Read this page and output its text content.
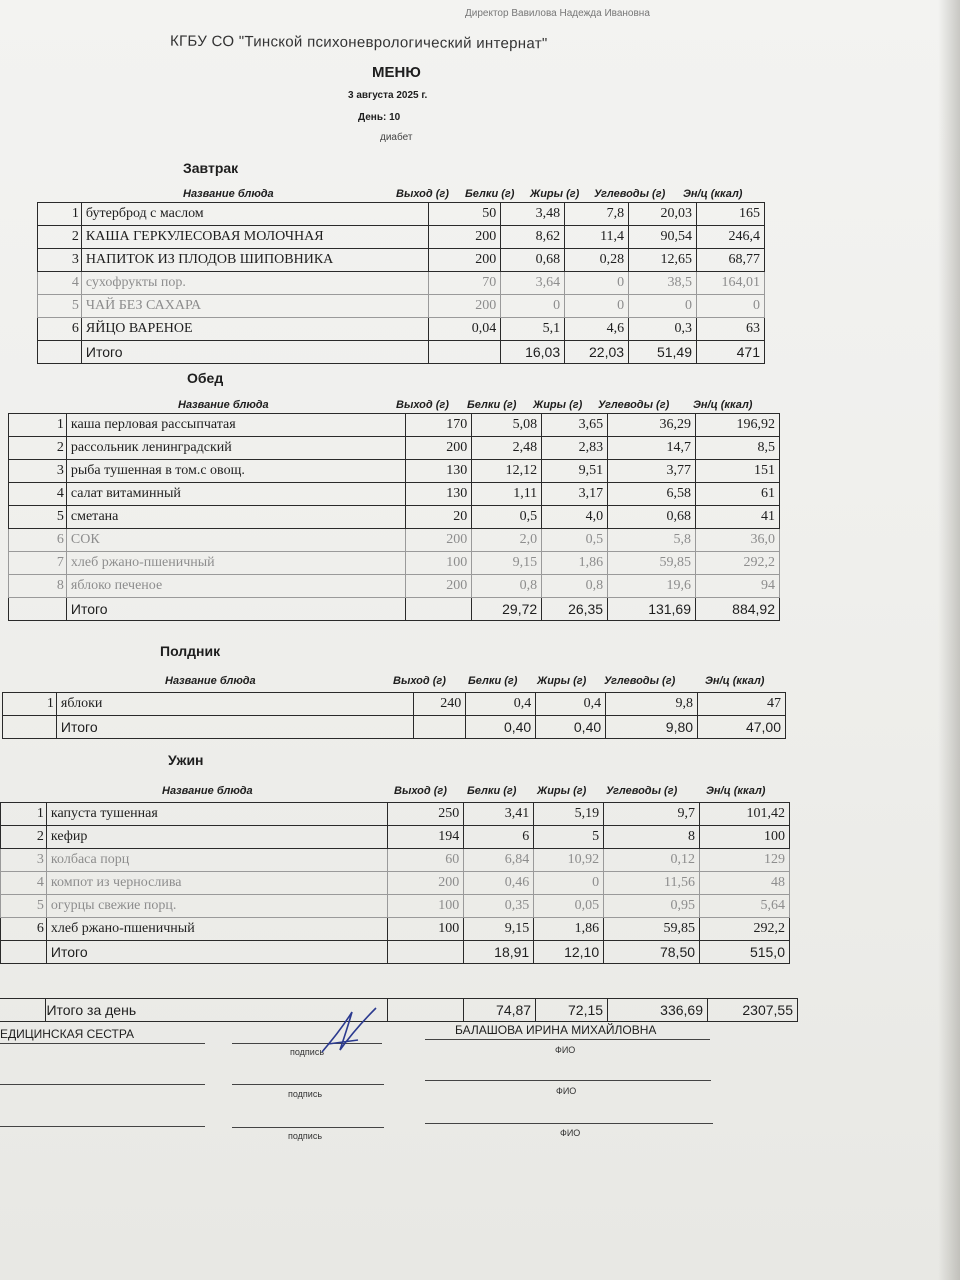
Директор Вавилова Надежда Ивановна
КГБУ СО "Тинской психоневрологический интернат"
МЕНЮ
3 августа 2025 г.
День: 10
диабет
Завтрак
Название блюда	Выход (г) Белки (г) Жиры (г) Углеводы (г) Эн/ц (ккал)
1	бутерброд с маслом	50	3,48	7,8	20,03	165
2	КАША ГЕРКУЛЕСОВАЯ МОЛОЧНАЯ	200	8,62	11,4	90,54	246,4
3	НАПИТОК ИЗ ПЛОДОВ ШИПОВНИКА	200	0,68	0,28	12,65	68,77
4	сухофрукты пор.	70	3,64	0	38,5	164,01
5	ЧАЙ БЕЗ САХАРА	200	0	0	0	0
6	ЯЙЦО ВАРЕНОЕ	0,04	5,1	4,6	0,3	63
	Итого		16,03	22,03	51,49	471
Обед
Название блюда	Выход (г) Белки (г) Жиры (г) Углеводы (г) Эн/ц (ккал)
1	каша перловая рассыпчатая	170	5,08	3,65	36,29	196,92
2	рассольник ленинградский	200	2,48	2,83	14,7	8,5
3	рыба тушенная в том.с овощ.	130	12,12	9,51	3,77	151
4	салат витаминный	130	1,11	3,17	6,58	61
5	сметана	20	0,5	4,0	0,68	41
6	СОК	200	2,0	0,5	5,8	36,0
7	хлеб ржано-пшеничный	100	9,15	1,86	59,85	292,2
8	яблоко печеное	200	0,8	0,8	19,6	94
	Итого		29,72	26,35	131,69	884,92
Полдник
Название блюда	Выход (г) Белки (г) Жиры (г) Углеводы (г)	Эн/ц (ккал)
1	яблоки	240	0,4	0,4	9,8	47
	Итого		0,40	0,40	9,80	47,00
Ужин
Название блюда	Выход (г) Белки (г) Жиры (г) Углеводы (г)	Эн/ц (ккал)
1	капуста тушенная	250	3,41	5,19	9,7	101,42
2	кефир	194	6	5	8	100
3	колбаса порц	60	6,84	10,92	0,12	129
4	компот из чернослива	200	0,46	0	11,56	48
5	огурцы свежие порц.	100	0,35	0,05	0,95	5,64
6	хлеб ржано-пшеничный	100	9,15	1,86	59,85	292,2
	Итого		18,91	12,10	78,50	515,0
	Итого за день		74,87	72,15	336,69	2307,55
ЕДИЦИНСКАЯ СЕСТРА	БАЛАШОВА ИРИНА МИХАЙЛОВНА
подпись	ФИО
подпись	ФИО
подпись	ФИО
